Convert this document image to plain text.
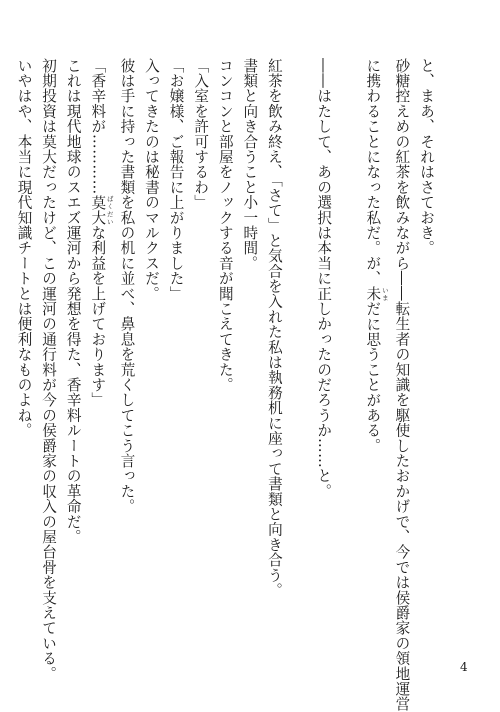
と、まあ、それはさておき。
砂糖控えめの紅茶を飲みながら――転生者の知識を駆使したおかげで、今では侯爵家の領地運営
に携わることになった私だ。が、未 いまだに思うことがある。
――はたして、あの選択は本当に正しかったのだろうか……と。
紅茶を飲み終え、「さて」と気合を入れた私は執務机に座って書類と向き合う。
書類と向き合うこと小一時間。
コンコンと部屋をノックする音が聞こえてきた。
「入室を許可するわ」
「お嬢様、ご報告に上がりました」
入ってきたのは秘書のマルクスだ。
彼は手に持った書類を私の机に並べ、鼻息を荒くしてこう言った。
「香辛料が…………莫大 ばくだいな利益を上げております」
これは現代地球のスエズ運河から発想を得た、香辛料ルートの革命だ。
初期投資は莫大だったけど、この運河の通行料が今の侯爵家の収入の屋台骨を支えている。
いやはや、本当に現代知識チートとは便利なものよね。
4
